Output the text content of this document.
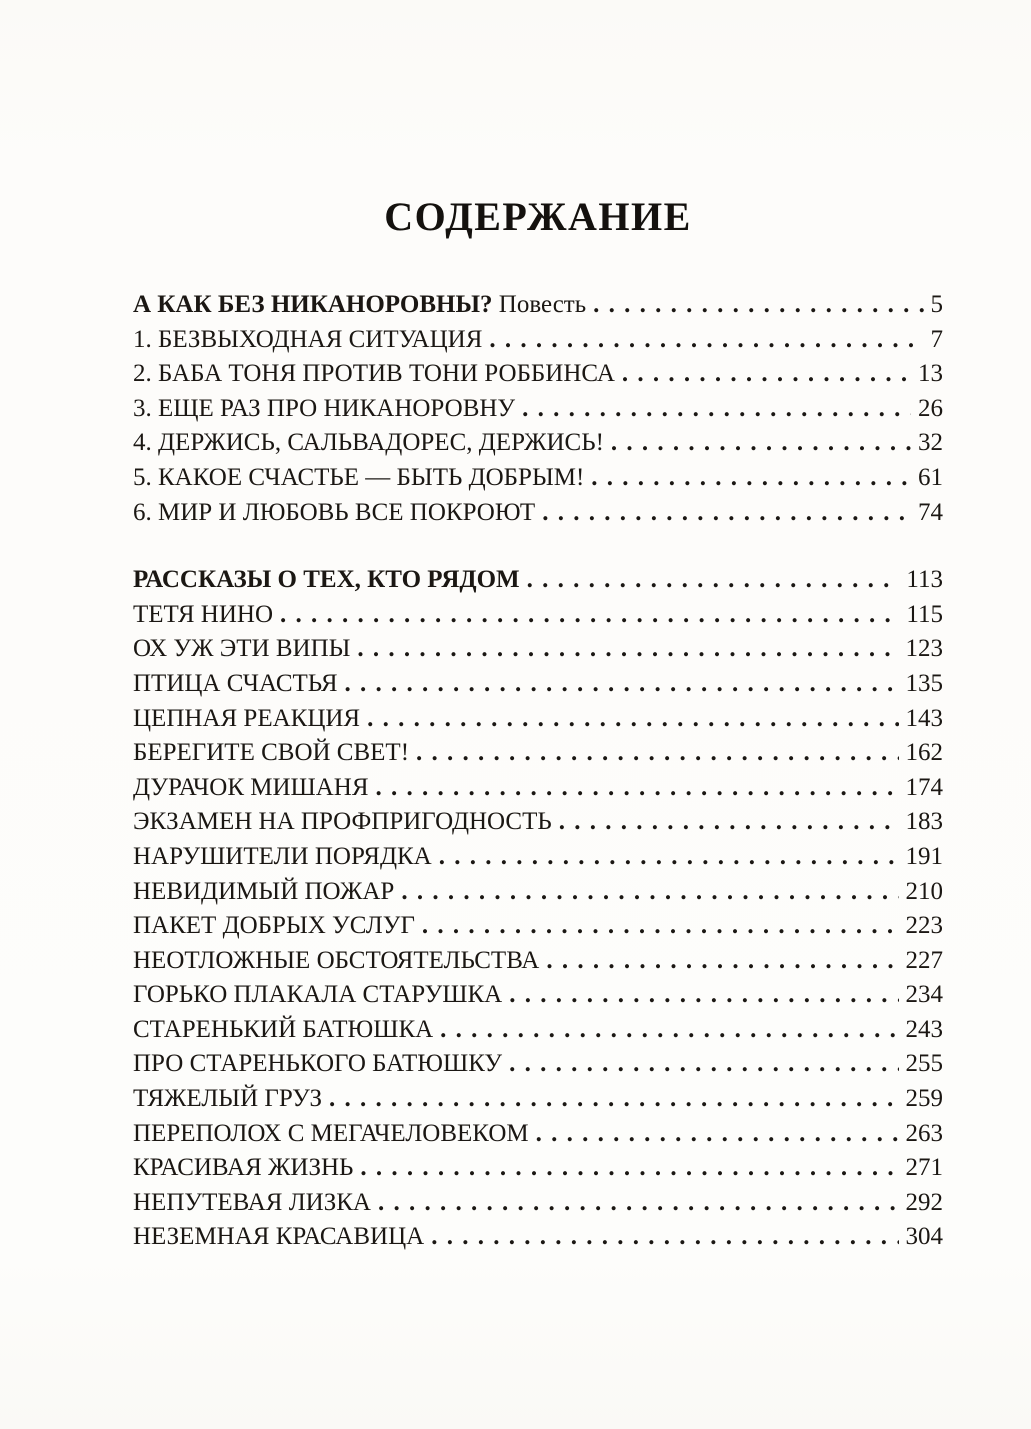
СОДЕРЖАНИЕ
А КАК БЕЗ НИКАНОРОВНЫ? Повесть . . .	5
1. БЕЗВЫХОДНАЯ СИТУАЦИЯ . . .	7
2. БАБА ТОНЯ ПРОТИВ ТОНИ РОББИНСА . . .	13
3. ЕЩЕ РАЗ ПРО НИКАНОРОВНУ . . .	26
4. ДЕРЖИСЬ, САЛЬВАДОРЕС, ДЕРЖИСЬ! . . .	32
5. КАКОЕ СЧАСТЬЕ — БЫТЬ ДОБРЫМ! . . .	61
6. МИР И ЛЮБОВЬ ВСЕ ПОКРОЮТ . . .	74
РАССКАЗЫ О ТЕХ, КТО РЯДОМ . . .	113
ТЕТЯ НИНО . . .	115
ОХ УЖ ЭТИ ВИПЫ . . .	123
ПТИЦА СЧАСТЬЯ . . .	135
ЦЕПНАЯ РЕАКЦИЯ . . .	143
БЕРЕГИТЕ СВОЙ СВЕТ! . . .	162
ДУРАЧОК МИШАНЯ . . .	174
ЭКЗАМЕН НА ПРОФПРИГОДНОСТЬ . . .	183
НАРУШИТЕЛИ ПОРЯДКА . . .	191
НЕВИДИМЫЙ ПОЖАР . . .	210
ПАКЕТ ДОБРЫХ УСЛУГ . . .	223
НЕОТЛОЖНЫЕ ОБСТОЯТЕЛЬСТВА . . .	227
ГОРЬКО ПЛАКАЛА СТАРУШКА . . .	234
СТАРЕНЬКИЙ БАТЮШКА . . .	243
ПРО СТАРЕНЬКОГО БАТЮШКУ . . .	255
ТЯЖЕЛЫЙ ГРУЗ . . .	259
ПЕРЕПОЛОХ С МЕГАЧЕЛОВЕКОМ . . .	263
КРАСИВАЯ ЖИЗНЬ . . .	271
НЕПУТЕВАЯ ЛИЗКА . . .	292
НЕЗЕМНАЯ КРАСАВИЦА . . .	304
